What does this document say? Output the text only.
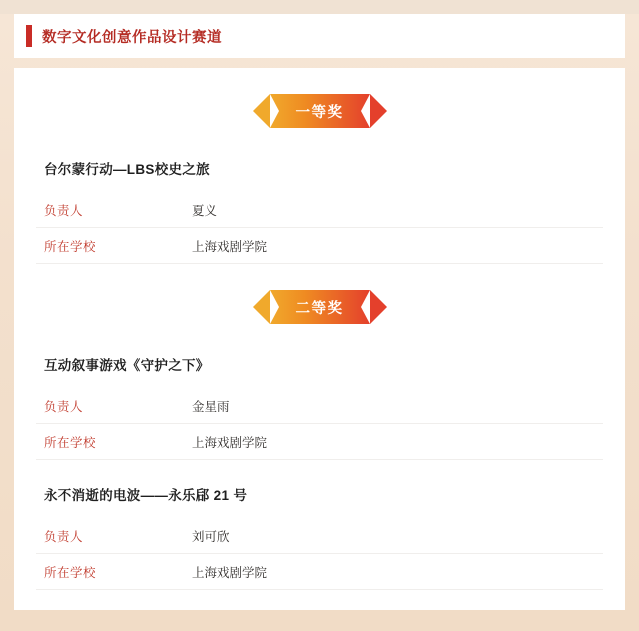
数字文化创意作品设计赛道
一等奖
台尔蒙行动—LBS校史之旅
负责人	夏义
所在学校	上海戏剧学院
二等奖
互动叙事游戏《守护之下》
负责人	金星雨
所在学校	上海戏剧学院
永不消逝的电波——永乐郈 21 号
负责人	刘可欣
所在学校	上海戏剧学院
